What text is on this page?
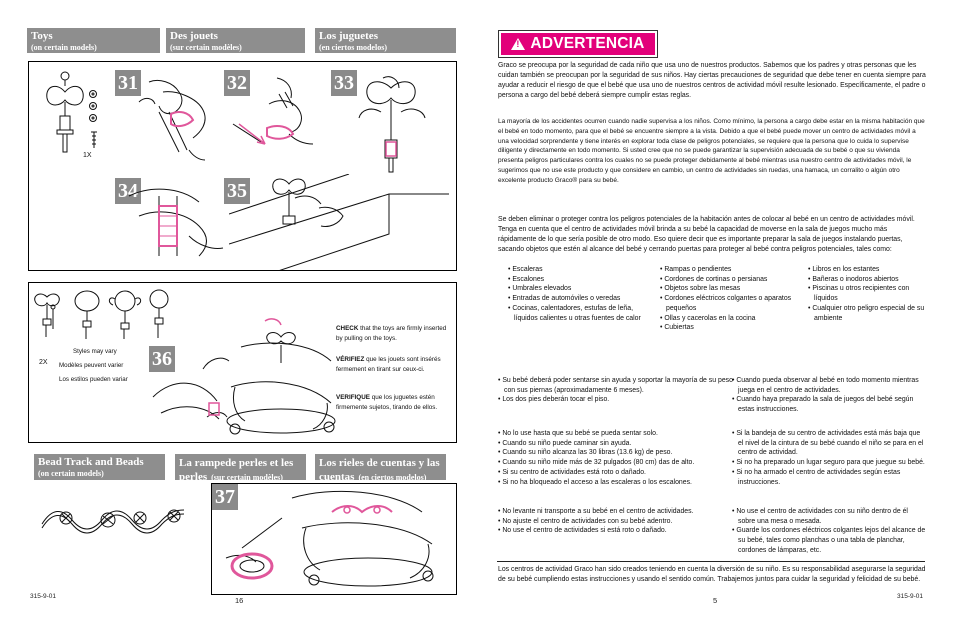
Toys
(on certain models)
Des jouets
(sur certain modèles)
Los juguetes
(en ciertos modelos)
1X
31	32	33
34	35
2X
Styles may vary
Modèles peuvent varier
Los estilos pueden variar
36
CHECK that the toys are firmly inserted by pulling on the toys.
VÉRIFIEZ que les jouets sont insérés fermement en tirant sur ceux-ci.
VERIFIQUE que los juguetes estén firmemente sujetos, tirando de ellos.
Bead Track and Beads
(on certain models)
La rampede perles et les perles (sur certain modèles)
Los rieles de cuentas y las cuentas (en ciertos modelos)
37
315-9-01	16
! ADVERTENCIA
Graco se preocupa por la seguridad de cada niño que usa uno de nuestros productos. Sabemos que los padres y otras personas que les cuidan también se preocupan por la seguridad de sus niños. Hay ciertas precauciones de seguridad que debe tener en cuenta siempre para ayudar a reducir el riesgo de que el bebé que usa uno de nuestros centros de actividad móvil resulte lesionado. Específicamente, el padre o persona a cargo del bebé deberá siempre cumplir estas reglas.
La mayoría de los accidentes ocurren cuando nadie supervisa a los niños. Como mínimo, la persona a cargo debe estar en la misma habitación que el bebé en todo momento, para que el bebé se encuentre siempre a la vista. Debido a que el bebé puede mover un centro de actividades móvil a una velocidad sorprendente y tiene interés en explorar toda clase de peligros potenciales, se requiere que la persona que lo cuida lo supervise diligente y directamente en todo momento. Si usted cree que no se puede garantizar la supervisión adecuada de su bebé o que su vivienda presenta peligros particulares contra los cuales no se puede proteger debidamente al bebé mientras usa nuestro centro de actividades móvil, le sugerimos que no use este producto y que considere en cambio, un centro de actividades sin ruedas, una hamaca, un corralito o algún otro excelente producto Graco® para su bebé.
Se deben eliminar o proteger contra los peligros potenciales de la habitación antes de colocar al bebé en un centro de actividades móvil. Tenga en cuenta que el centro de actividades móvil brinda a su bebé la capacidad de moverse en la sala de juegos mucho más rápidamente de lo que sería posible de otro modo. Eso quiere decir que es importante preparar la sala de juegos instalando puertas, sacando objetos que estén al alcance del bebé y cerrando puertas para proteger al bebé contra peligros potenciales, tales como:
• Escaleras
• Escalones
• Umbrales elevados
• Entradas de automóviles o veredas
• Cocinas, calentadores, estufas de leña, líquidos calientes u otras fuentes de calor
• Rampas o pendientes
• Cordones de cortinas o persianas
• Objetos sobre las mesas
• Cordones eléctricos colgantes o aparatos pequeños
• Ollas y cacerolas en la cocina
• Cubiertas
• Libros en los estantes
• Bañeras o inodoros abiertos
• Piscinas u otros recipientes con líquidos
• Cualquier otro peligro especial de su ambiente
• Su bebé deberá poder sentarse sin ayuda y soportar la mayoría de su peso con sus piernas (aproximadamente 6 meses).
• Los dos pies deberán tocar el piso.
• Cuando pueda observar al bebé en todo momento mientras juega en el centro de actividades.
• Cuando haya preparado la sala de juegos del bebé según estas instrucciones.
• No lo use hasta que su bebé se pueda sentar solo.
• Cuando su niño puede caminar sin ayuda.
• Cuando su niño alcanza las 30 libras (13.6 kg) de peso.
• Cuando su niño mide más de 32 pulgados (80 cm) das de alto.
• Si su centro de actividades está roto o dañado.
• Si no ha bloqueado el acceso a las escaleras o los escalones.
• Si la bandeja de su centro de actividades está más baja que el nivel de la cintura de su bebé cuando el niño se para en el centro de actividad.
• Si no ha preparado un lugar seguro para que juegue su bebé.
• Si no ha armado el centro de actividades según estas instrucciones.
• No levante ni transporte a su bebé en el centro de actividades.
• No ajuste el centro de actividades con su bebé adentro.
• No use el centro de actividades si está roto o dañado.
• No use el centro de actividades con su niño dentro de él sobre una mesa o mesada.
• Guarde los cordones eléctricos colgantes lejos del alcance de su bebé, tales como planchas o una tabla de planchar, cordones de lámparas, etc.
Los centros de actividad Graco han sido creados teniendo en cuenta la diversión de su niño. Es su responsabilidad asegurarse la seguridad de su bebé cumpliendo estas instrucciones y usando el sentido común. Trabajemos juntos para cuidar la seguridad y felicidad de su bebé.
5	315-9-01
